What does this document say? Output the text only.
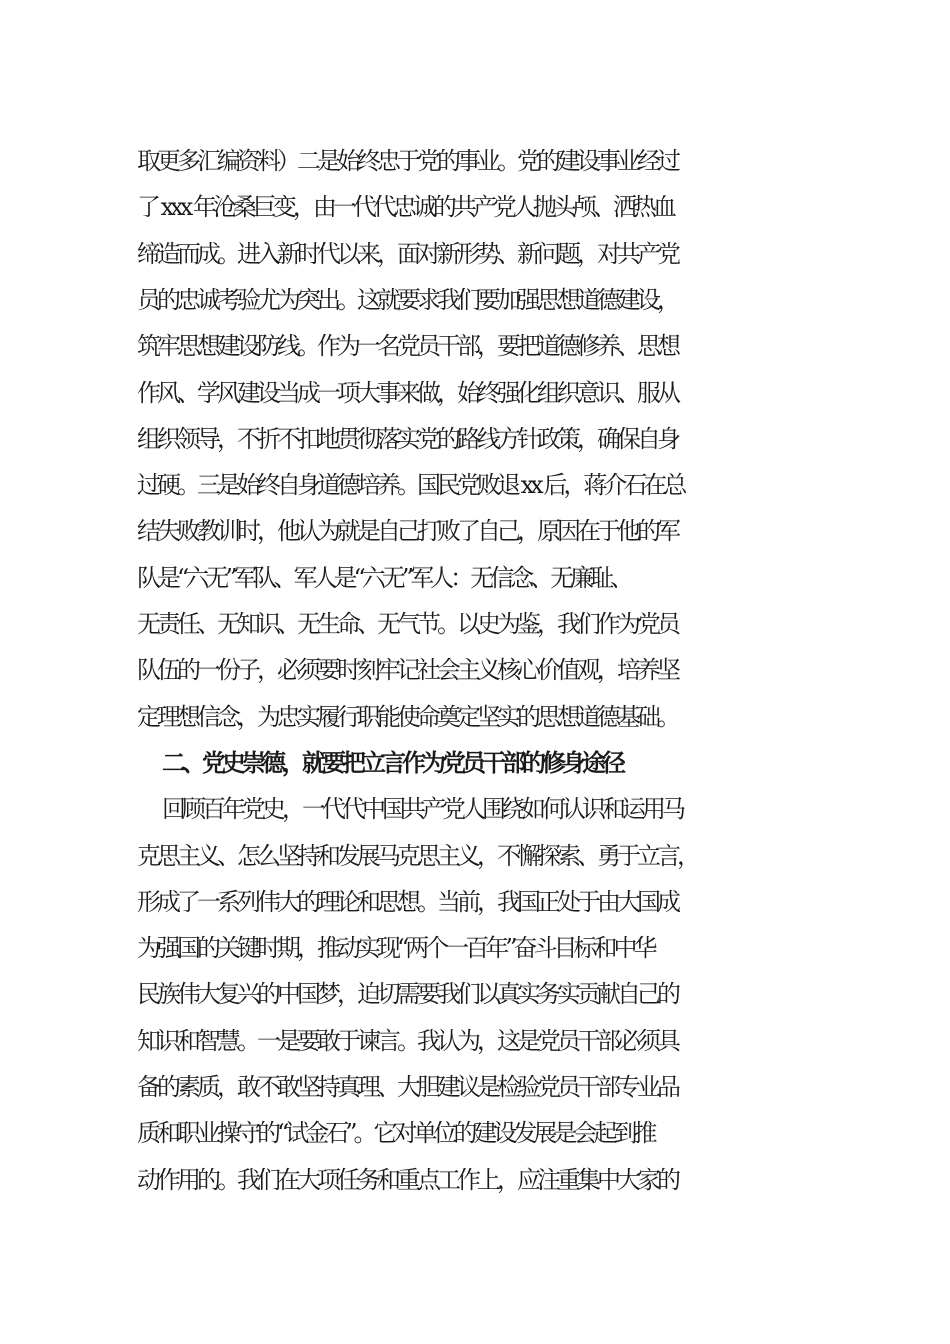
取更多汇编资料）二是始终忠于党的事业。党的建设事业经过
了 xxx 年沧桑巨变，由一代代忠诚的共产党人抛头颅、洒热血
缔造而成。进入新时代以来，面对新形势、新问题，对共产党
员的忠诚考验尤为突出。这就要求我们要加强思想道德建设，
筑牢思想建设防线。作为一名党员干部，要把道德修养、思想
作风、学风建设当成一项大事来做，始终强化组织意识、服从
组织领导，不折不扣地贯彻落实党的路线方针政策，确保自身
过硬。三是始终自身道德培养。国民党败退 xx 后，蒋介石在总
结失败教训时，他认为就是自己打败了自己，原因在于他的军
队是“六无”军队、军人是“六无”军人：无信念、无廉耻、
无责任、无知识、无生命、无气节。以史为鉴，我们作为党员
队伍的一份子，必须要时刻牢记社会主义核心价值观，培养坚
定理想信念，为忠实履行职能使命奠定坚实的思想道德基础。
二、党史崇德，就要把立言作为党员干部的修身途径
回顾百年党史，一代代中国共产党人围绕如何认识和运用马
克思主义、怎么坚持和发展马克思主义，不懈探索、勇于立言，
形成了一系列伟大的理论和思想。当前，我国正处于由大国成
为强国的关键时期，推动实现“两个一百年”奋斗目标和中华
民族伟大复兴的中国梦，迫切需要我们以真实务实贡献自己的
知识和智慧。一是要敢于谏言。我认为，这是党员干部必须具
备的素质，敢不敢坚持真理、大胆建议是检验党员干部专业品
质和职业操守的“试金石”。它对单位的建设发展是会起到推
动作用的。我们在大项任务和重点工作上，应注重集中大家的
